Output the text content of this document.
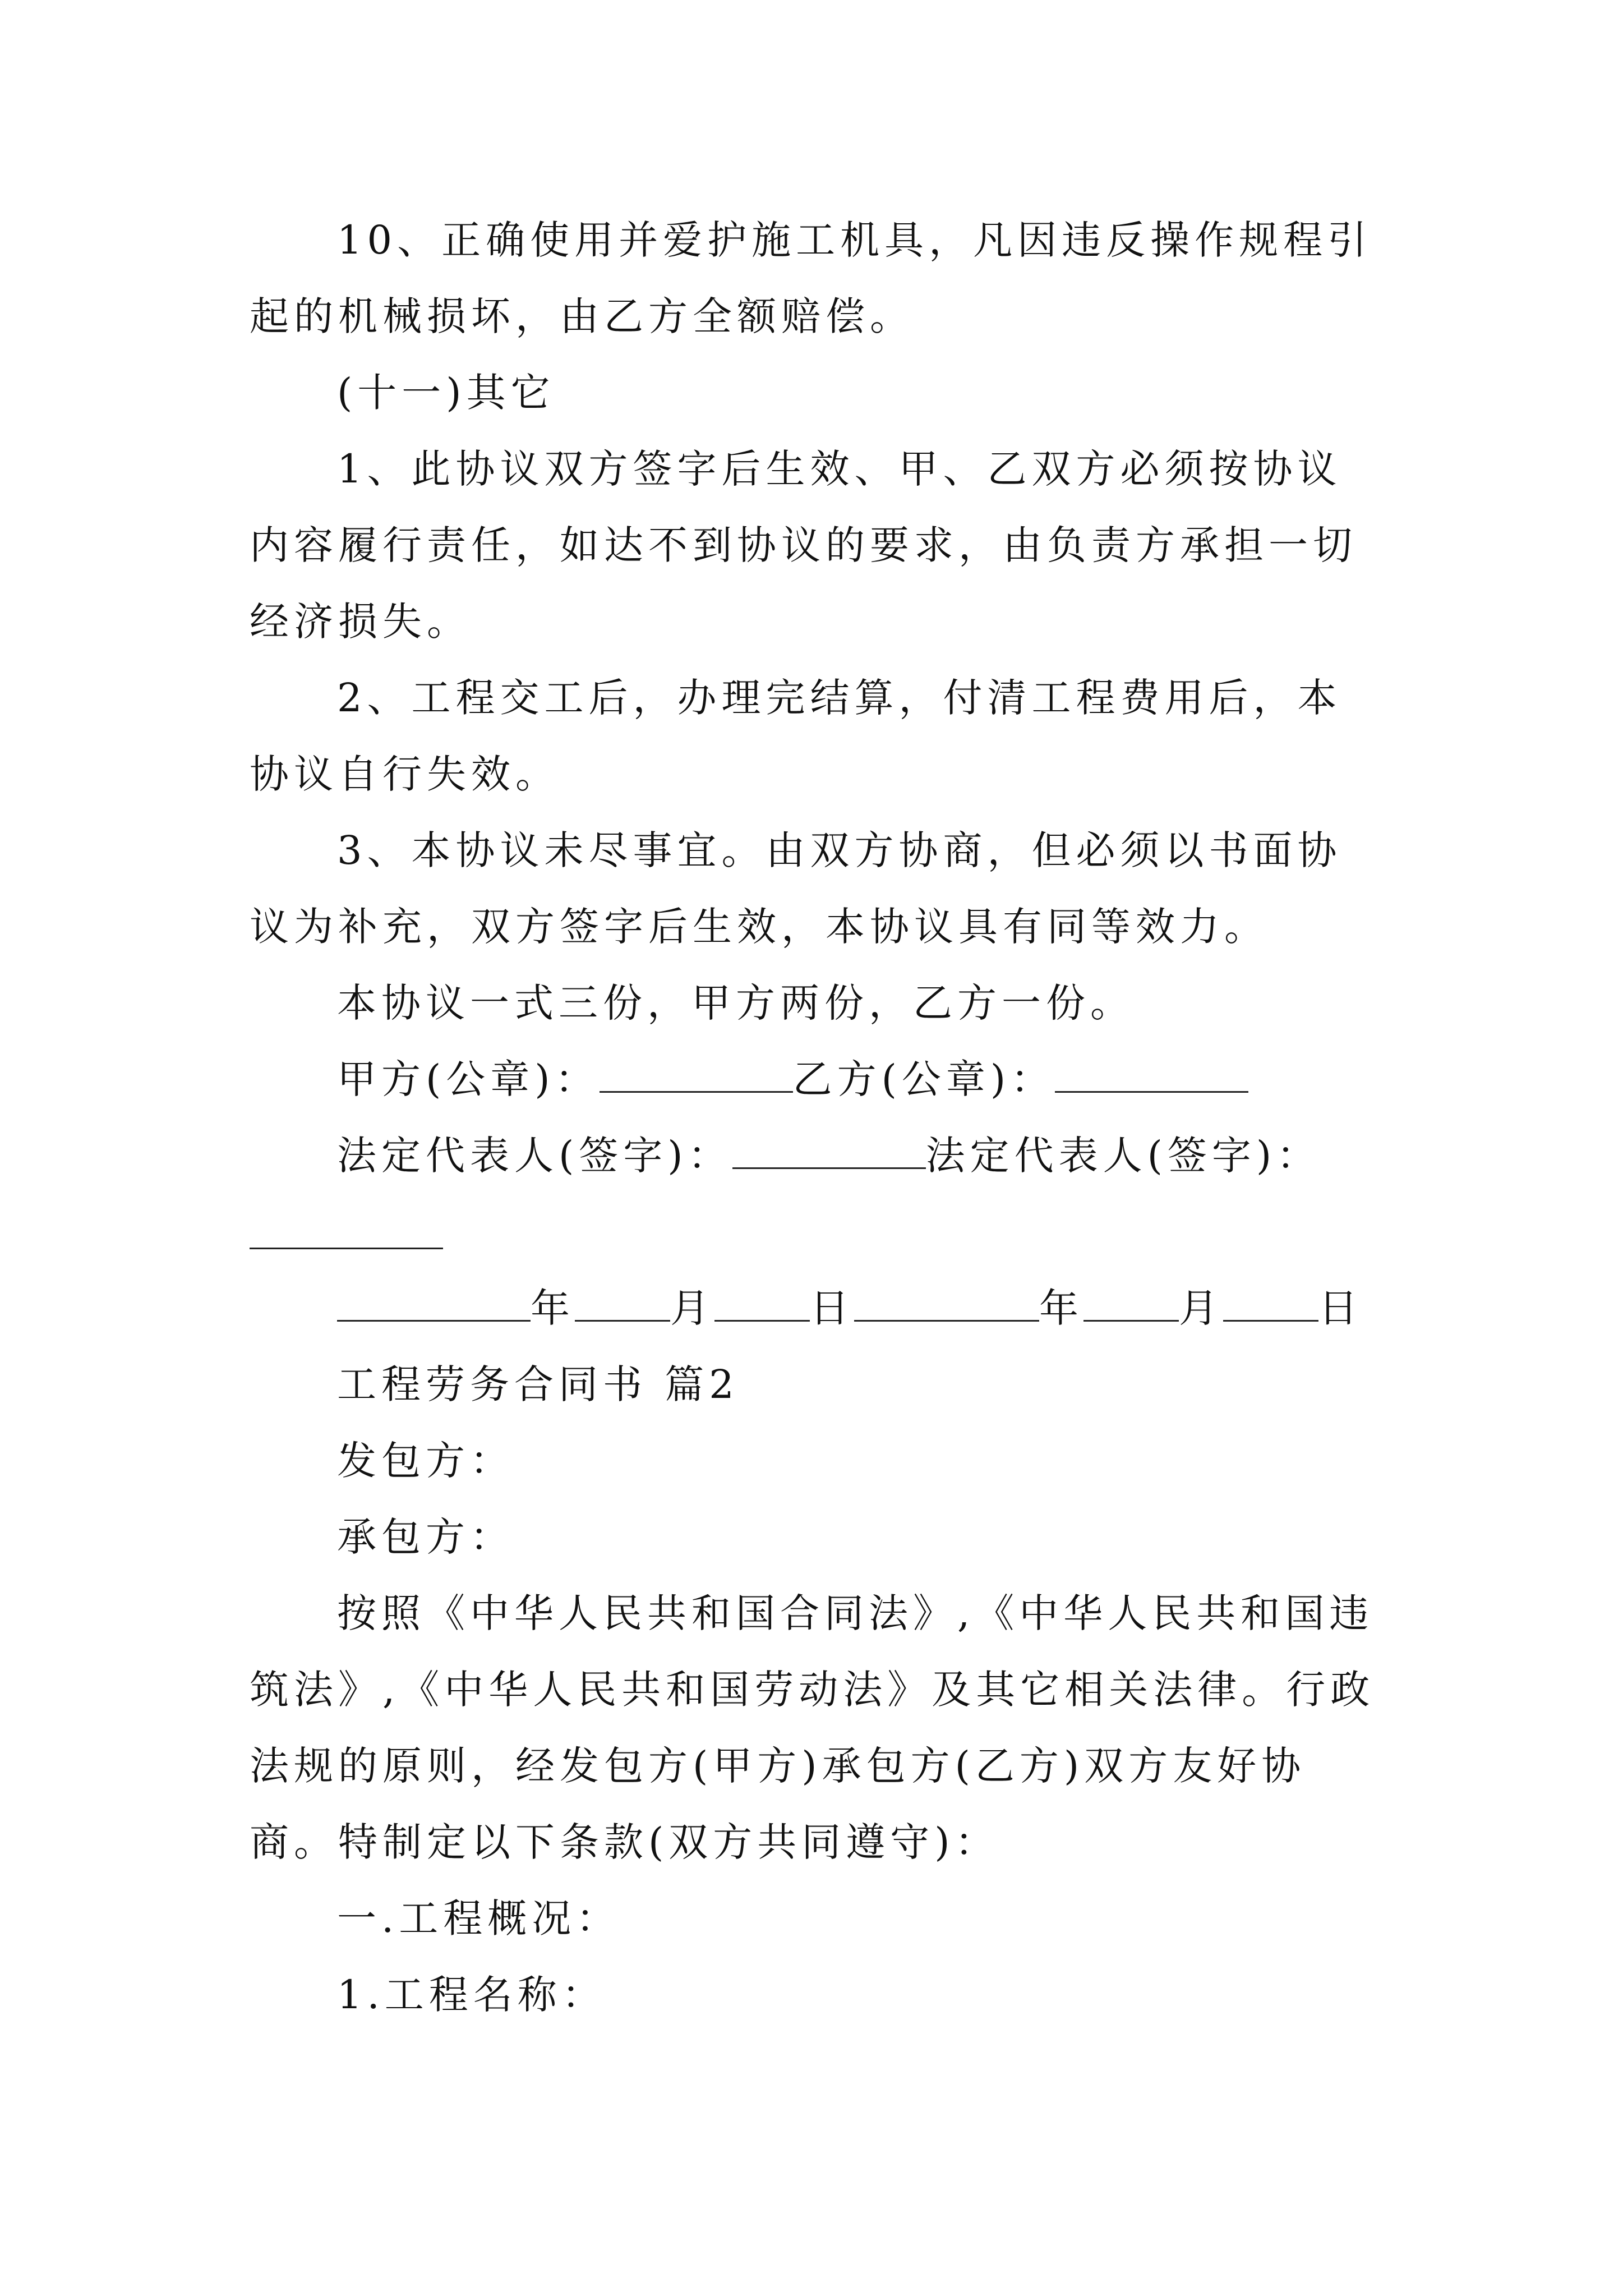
10、正确使用并爱护施工机具，凡因违反操作规程引起的机械损坏，由乙方全额赔偿。

(十一)其它

1、此协议双方签字后生效、甲、乙双方必须按协议内容履行责任，如达不到协议的要求，由负责方承担一切经济损失。

2、工程交工后，办理完结算，付清工程费用后，本协议自行失效。

3、本协议未尽事宜。由双方协商，但必须以书面协议为补充，双方签字后生效，本协议具有同等效力。

本协议一式三份，甲方两份，乙方一份。

甲方(公章)：	乙方(公章)：
法定代表人(签字)：	法定代表人(签字)：
年 月 日	年 月 日

工程劳务合同书 篇2

发包方：

承包方：

按照《中华人民共和国合同法》,《中华人民共和国违筑法》,《中华人民共和国劳动法》及其它相关法律。行政法规的原则，经发包方(甲方)承包方(乙方)双方友好协商。特制定以下条款(双方共同遵守)：

一.工程概况：

1.工程名称：
